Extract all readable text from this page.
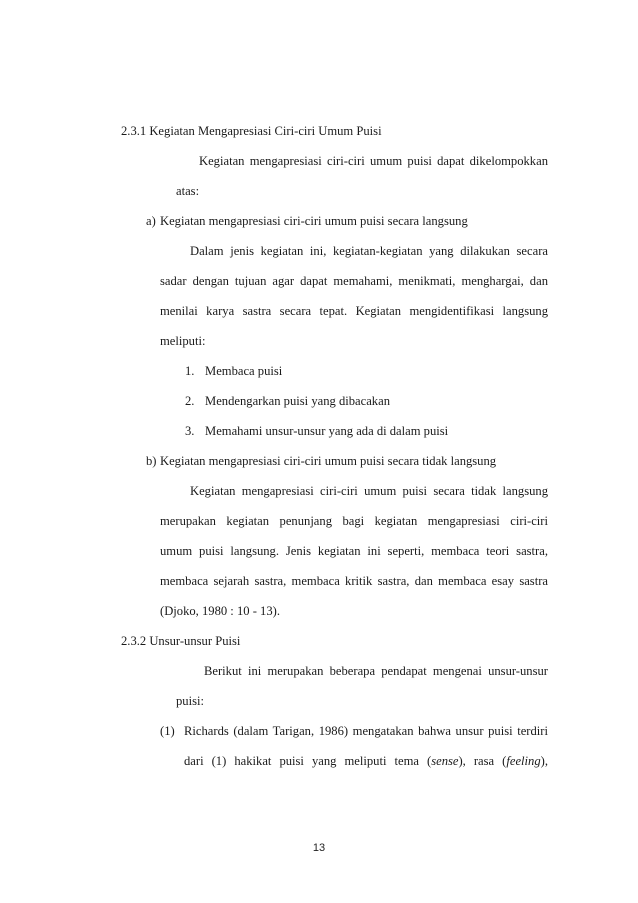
2.3.1 Kegiatan Mengapresiasi Ciri-ciri Umum Puisi
Kegiatan mengapresiasi ciri-ciri umum puisi dapat dikelompokkan
atas:
a) Kegiatan mengapresiasi ciri-ciri umum puisi secara langsung
Dalam jenis kegiatan ini, kegiatan-kegiatan yang dilakukan secara
sadar dengan tujuan agar dapat memahami, menikmati, menghargai, dan
menilai karya sastra secara tepat. Kegiatan mengidentifikasi langsung
meliputi:
1. Membaca puisi
2. Mendengarkan puisi yang dibacakan
3. Memahami unsur-unsur yang ada di dalam puisi
b) Kegiatan mengapresiasi ciri-ciri umum puisi secara tidak langsung
Kegiatan mengapresiasi ciri-ciri umum puisi secara tidak langsung
merupakan kegiatan penunjang bagi kegiatan mengapresiasi ciri-ciri
umum puisi langsung. Jenis kegiatan ini seperti, membaca teori sastra,
membaca sejarah sastra, membaca kritik sastra, dan membaca esay sastra
(Djoko, 1980 : 10 - 13).
2.3.2 Unsur-unsur Puisi
Berikut ini merupakan beberapa pendapat mengenai unsur-unsur
puisi:
(1) Richards (dalam Tarigan, 1986) mengatakan bahwa unsur puisi terdiri
dari (1) hakikat puisi yang meliputi tema (sense), rasa (feeling),
13
